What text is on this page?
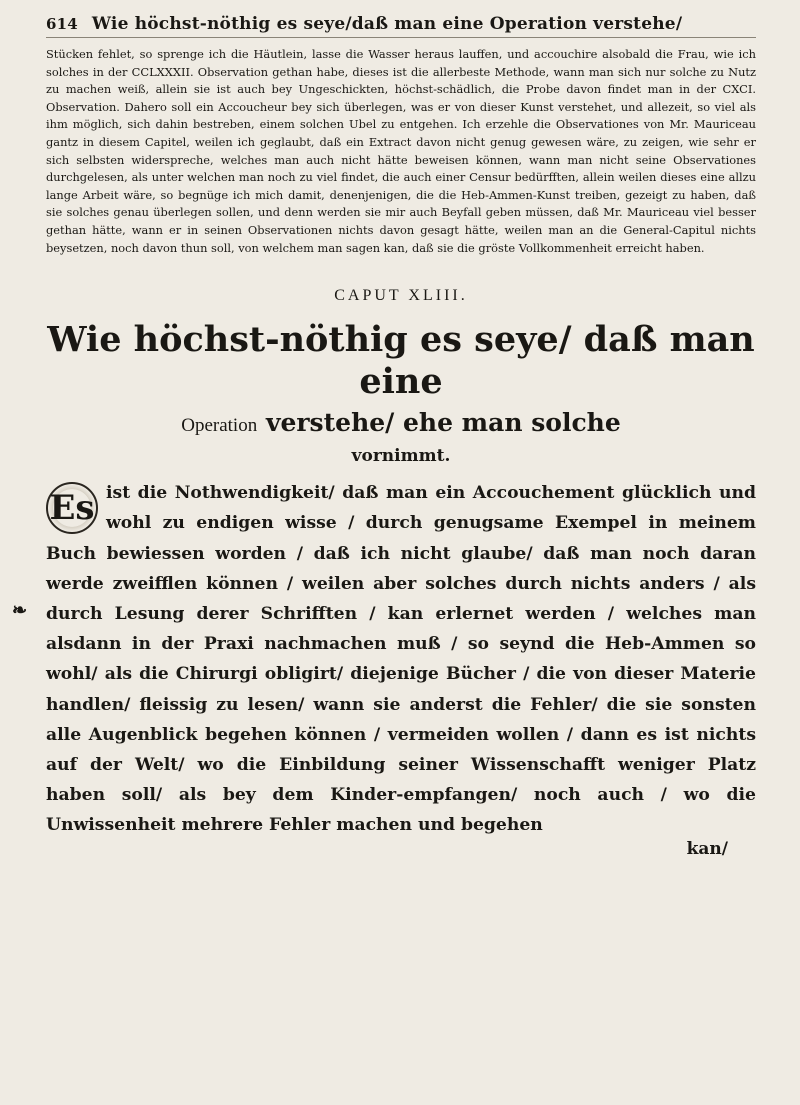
614 Wie höchst-nöthig es seye/daß man eine Operation verstehe/

Stücken fehlet, so sprenge ich die Häutlein, lasse die Wasser heraus lauffen, und accouchire alsobald die Frau, wie ich solches in der CCLXXXII. Observation gethan habe, dieses ist die allerbeste Methode, wann man sich nur solche zu Nutz zu machen weiß, allein sie ist auch bey Ungeschickten, höchst-schädlich, die Probe davon findet man in der CXCI. Observation. Dahero soll ein Accoucheur bey sich überlegen, was er von dieser Kunst verstehet, und allezeit, so viel als ihm möglich, sich dahin bestreben, einem solchen Ubel zu entgehen. Ich erzehle die Observationes von Mr. Mauriceau gantz in diesem Capitel, weilen ich geglaubt, daß ein Extract davon nicht genug gewesen wäre, zu zeigen, wie sehr er sich selbsten widerspreche, welches man auch nicht hätte beweisen können, wann man nicht seine Observationes durchgelesen, als unter welchen man noch zu viel findet, die auch einer Censur bedürfften, allein weilen dieses eine allzu lange Arbeit wäre, so begnüge ich mich damit, denenjenigen, die die Heb-Ammen-Kunst treiben, gezeigt zu haben, daß sie solches genau überlegen sollen, und denn werden sie mir auch Beyfall geben müssen, daß Mr. Mauriceau viel besser gethan hätte, wann er in seinen Observationen nichts davon gesagt hätte, weilen man an die General-Capitul nichts beysetzen, noch davon thun soll, von welchem man sagen kan, daß sie die gröste Vollkommenheit erreicht haben.

CAPUT XLIII.
Wie höchst-nöthig es seye/ daß man eine
Operation verstehe/ ehe man solche
vornimmt.
❧
Es ist die Nothwendigkeit/ daß man ein Accouchement glücklich und wohl zu endigen wisse / durch genugsame Exempel in meinem Buch bewiessen worden / daß ich nicht glaube/ daß man noch daran werde zweifflen können / weilen aber solches durch nichts anders / als durch Lesung derer Schrifften / kan erlernet werden / welches man alsdann in der Praxi nachmachen muß / so seynd die Heb-Ammen so wohl/ als die Chirurgi obligirt/ diejenige Bücher / die von dieser Materie handlen/ fleissig zu lesen/ wann sie anderst die Fehler/ die sie sonsten alle Augenblick begehen können / vermeiden wollen / dann es ist nichts auf der Welt/ wo die Einbildung seiner Wissenschafft weniger Platz haben soll/ als bey dem Kinder-empfangen/ noch auch / wo die Unwissenheit mehrere Fehler machen und begehen
kan/
